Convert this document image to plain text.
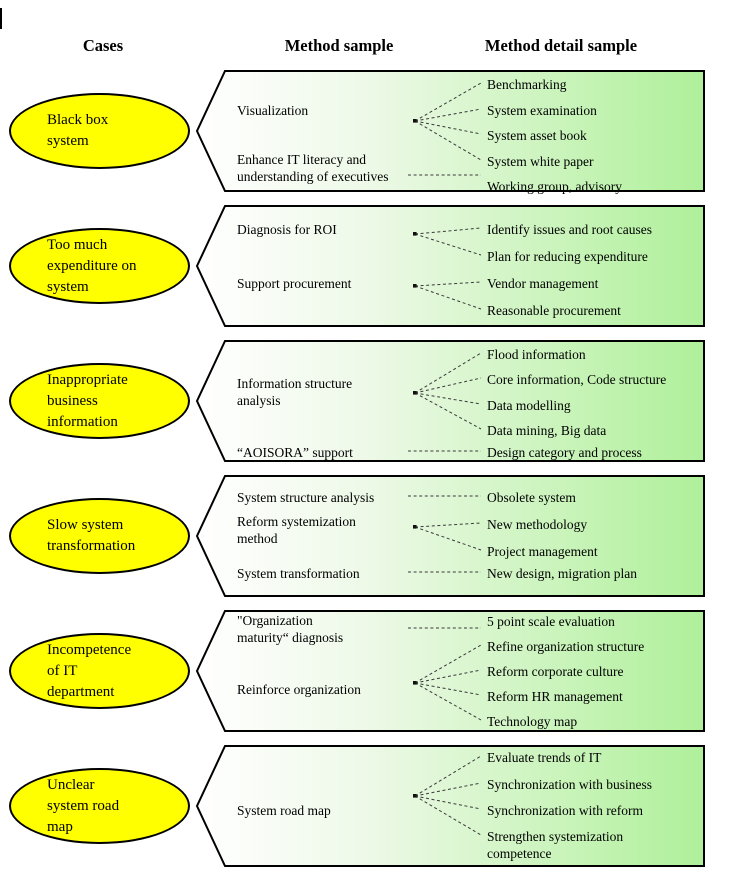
Cases	Method sample	Method detail sample
Black box
system
Visualization
Enhance IT literacy and
understanding of executives
Benchmarking
System examination
System asset book
System white paper
Working group, advisory
Too much
expenditure on
system
Diagnosis for ROI
Support procurement
Identify issues and root causes
Plan for reducing expenditure
Vendor management
Reasonable procurement
Inappropriate
business
information
Information structure
analysis
“AOISORA” support
Flood information
Core information, Code structure
Data modelling
Data mining, Big data
Design category and process
Slow system
transformation
System structure analysis
Reform systemization
method
System transformation
Obsolete system
New methodology
Project management
New design, migration plan
Incompetence
of IT
department
"Organization
maturity“ diagnosis
Reinforce organization
5 point scale evaluation
Refine organization structure
Reform corporate culture
Reform HR management
Technology map
Unclear
system road
map
System road map
Evaluate trends of IT
Synchronization with business
Synchronization with reform
Strengthen systemization
competence
